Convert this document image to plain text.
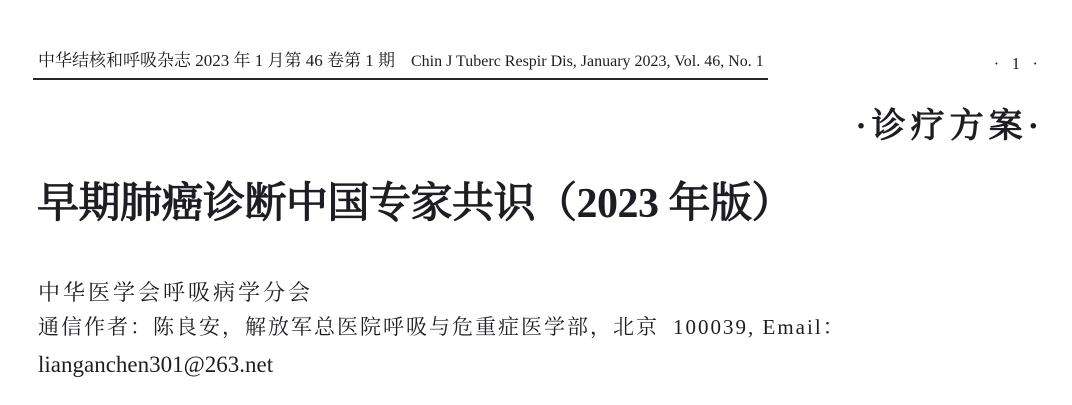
中华结核和呼吸杂志 2023 年 1 月第 46 卷第 1 期 Chin J Tuberc Respir Dis, January 2023, Vol. 46, No. 1	· 1 ·
·诊疗方案·
早期肺癌诊断中国专家共识（2023 年版）
中华医学会呼吸病学分会
通信作者：陈良安，解放军总医院呼吸与危重症医学部，北京 100039, Email：
lianganchen301@263.net
